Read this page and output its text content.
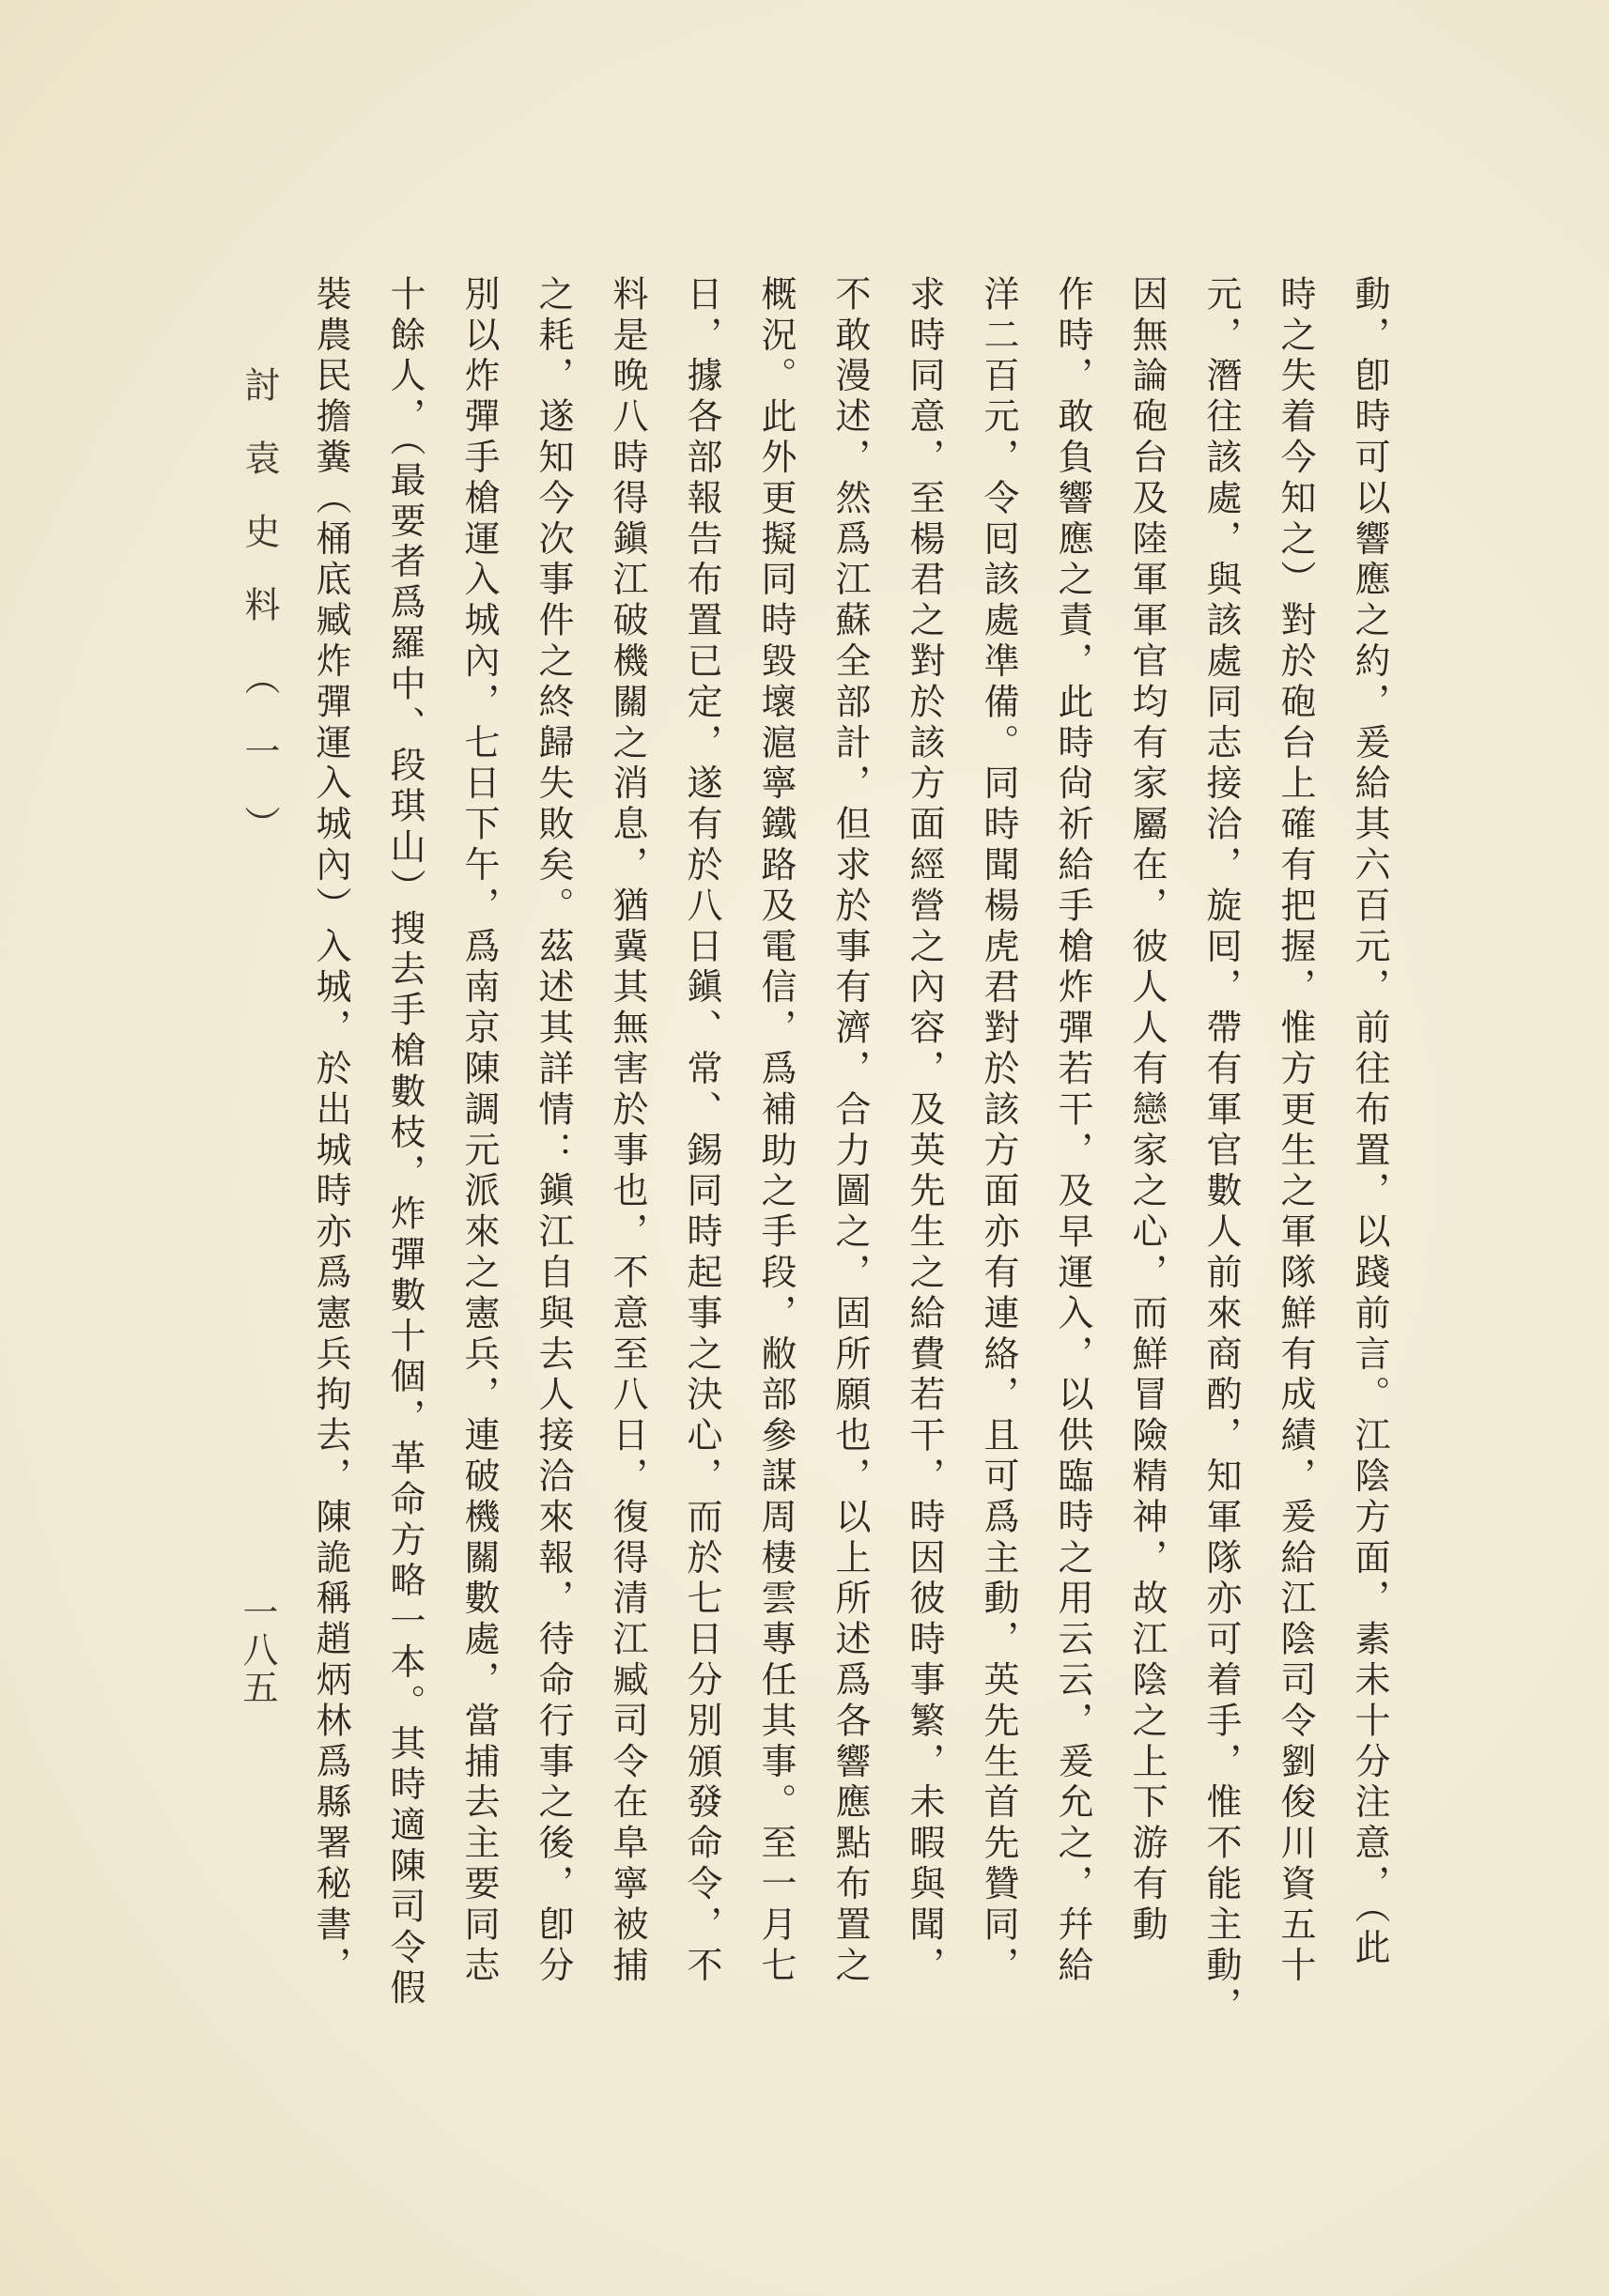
動，卽時可以響應之約，爰給其六百元，前往布置，以踐前言。江陰方面，素未十分注意，（此
時之失着今知之）對於砲台上確有把握，惟方更生之軍隊鮮有成績，爰給江陰司令劉俊川資五十
元，潛往該處，與該處同志接洽，旋囘，帶有軍官數人前來商酌，知軍隊亦可着手，惟不能主動，
因無論砲台及陸軍軍官均有家屬在，彼人人有戀家之心，而鮮冒險精神，故江陰之上下游有動
作時，敢負響應之責，此時尙祈給手槍炸彈若干，及早運入，以供臨時之用云云，爰允之，幷給
洋二百元，令囘該處凖備。同時聞楊虎君對於該方面亦有連絡，且可爲主動，英先生首先贊同，
求時同意，至楊君之對於該方面經營之內容，及英先生之給費若干，時因彼時事繁，未暇與聞，
不敢漫述，然爲江蘇全部計，但求於事有濟，合力圖之，固所願也，以上所述爲各響應點布置之
概況。此外更擬同時毀壞滬寧鐵路及電信，爲補助之手段，敝部參謀周棲雲專任其事。至一月七
日，據各部報告布置已定，遂有於八日鎭、常、錫同時起事之決心，而於七日分別頒發命令，不
料是晚八時得鎭江破機關之消息，猶冀其無害於事也，不意至八日，復得清江臧司令在阜寧被捕
之耗，遂知今次事件之終歸失敗矣。茲述其詳情：鎭江自與去人接洽來報，待命行事之後，卽分
別以炸彈手槍運入城內，七日下午，爲南京陳調元派來之憲兵，連破機關數處，當捕去主要同志
十餘人，（最要者爲羅中、段琪山）搜去手槍數枝，炸彈數十個，革命方略一本。其時適陳司令假
裝農民擔糞（桶底臧炸彈運入城內）入城，於出城時亦爲憲兵拘去，陳詭稱趙炳林爲縣署秘書，
討袁史料（一）
一八五
